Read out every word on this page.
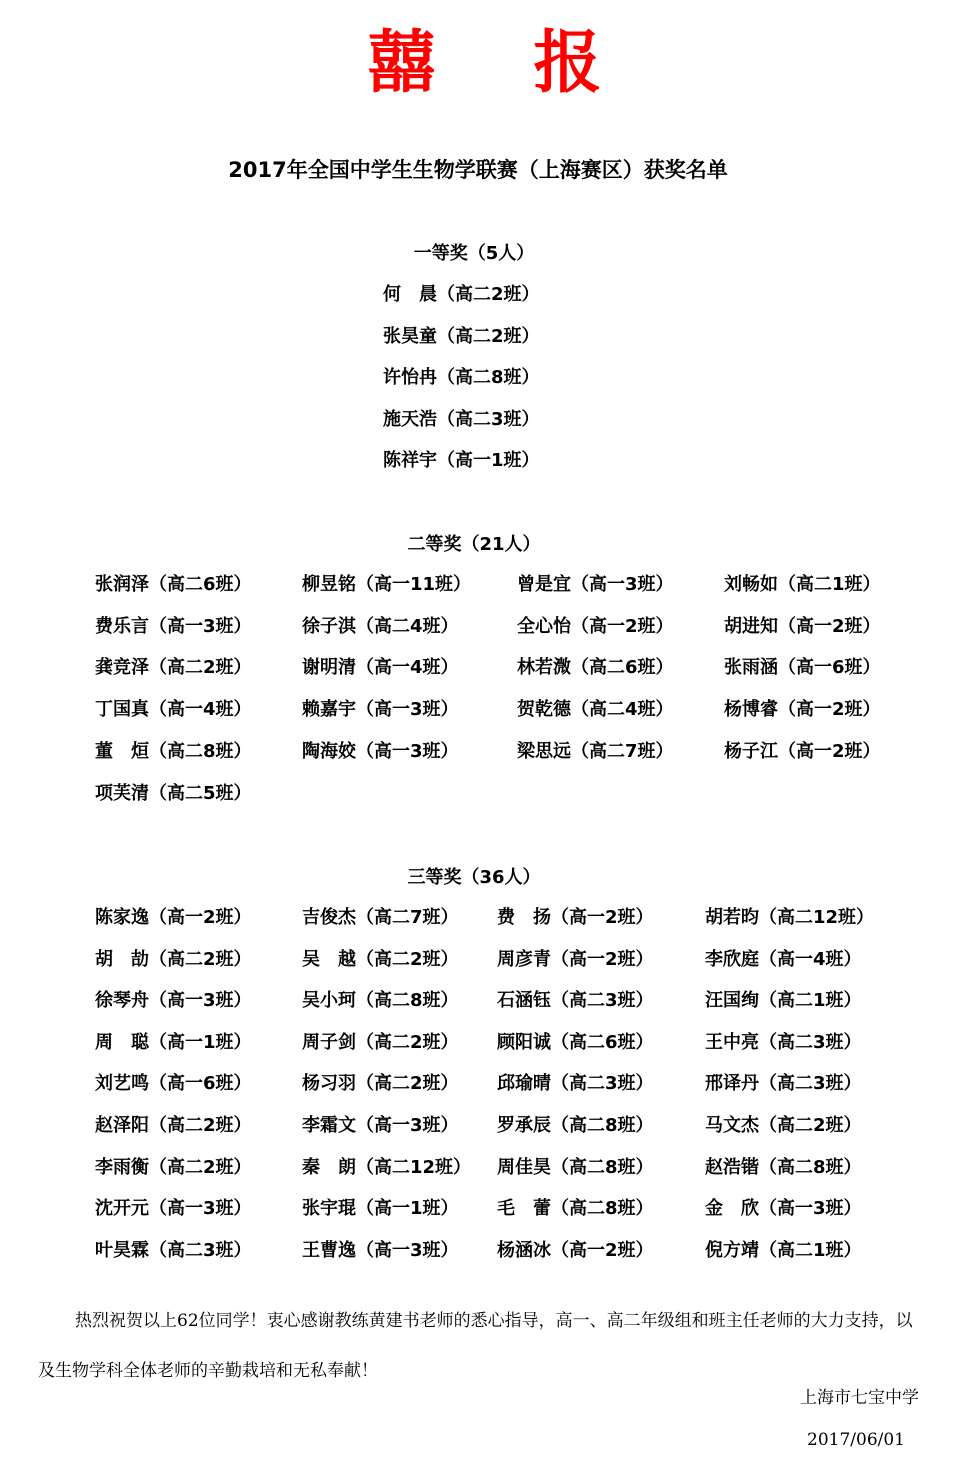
囍 报
2017年全国中学生生物学联赛（上海赛区）获奖名单
一等奖（5人）
何　晨（高二2班）
张昊童（高二2班）
许怡冉（高二8班）
施天浩（高二3班）
陈祥宇（高一1班）
二等奖（21人）
张润泽（高二6班）	柳昱铭（高一11班）	曾是宜（高一3班）	刘畅如（高二1班）
费乐言（高一3班）	徐子淇（高二4班）	全心怡（高一2班）	胡进知（高一2班）
龚竞泽（高二2班）	谢明清（高一4班）	林若溦（高二6班）	张雨涵（高一6班）
丁国真（高一4班）	赖嘉宇（高一3班）	贺乾德（高二4班）	杨博睿（高一2班）
董　烜（高二8班）	陶海姣（高一3班）	梁思远（高二7班）	杨子江（高一2班）
项芙清（高二5班）
三等奖（36人）
陈家逸（高一2班）	吉俊杰（高二7班） 费　扬（高一2班）	胡若昀（高二12班）
胡　劼（高二2班）	吴　越（高二2班） 周彦青（高一2班）	李欣庭（高一4班）
徐琴舟（高一3班）	吴小珂（高二8班） 石涵钰（高二3班）	汪国绚（高二1班）
周　聪（高一1班）	周子剑（高二2班） 顾阳诚（高二6班）	王中亮（高二3班）
刘艺鸣（高一6班）	杨习羽（高二2班） 邱瑜晴（高二3班）	邢译丹（高二3班）
赵泽阳（高二2班）	李霜文（高一3班） 罗承辰（高二8班）	马文杰（高二2班）
李雨衡（高二2班）	秦　朗（高二12班） 周佳昊（高二8班）	赵浩锴（高二8班）
沈开元（高一3班）	张宇琨（高一1班） 毛　蕾（高二8班）	金　欣（高一3班）
叶昊霖（高二3班）	王曹逸（高一3班） 杨涵冰（高一2班）	倪方靖（高二1班）

热烈祝贺以上62位同学！衷心感谢教练黄建书老师的悉心指导，高一、高二年级组和班主任老师的大力支持，以及生物学科全体老师的辛勤栽培和无私奉献！

上海市七宝中学
2017/06/01
